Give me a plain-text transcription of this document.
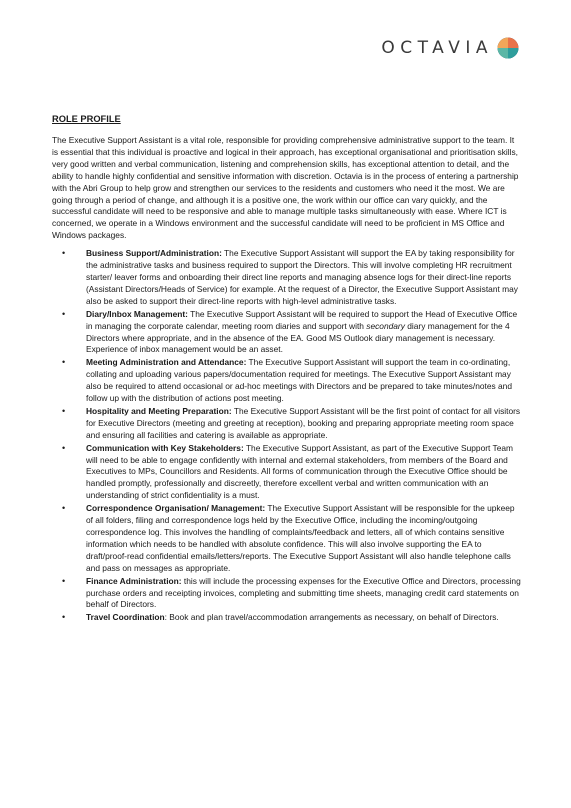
OCTAVIA

ROLE PROFILE

The Executive Support Assistant is a vital role, responsible for providing comprehensive administrative support to the team. It is essential that this individual is proactive and logical in their approach, has exceptional organisational and prioritisation skills, very good written and verbal communication, listening and comprehension skills, has exceptional attention to detail, and the ability to handle highly confidential and sensitive information with discretion. Octavia is in the process of entering a partnership with the Abri Group to help grow and strengthen our services to the residents and customers who need it the most. We are going through a period of change, and although it is a positive one, the work within our office can vary quickly, and the successful candidate will need to be responsive and able to manage multiple tasks simultaneously with ease. Where ICT is concerned, we operate in a Windows environment and the successful candidate will need to be proficient in MS Office and Windows packages.

• Business Support/Administration: The Executive Support Assistant will support the EA by taking responsibility for the administrative tasks and business required to support the Directors. This will involve completing HR recruitment starter/ leaver forms and onboarding their direct line reports and managing absence logs for their direct-line reports (Assistant Directors/Heads of Service) for example. At the request of a Director, the Executive Support Assistant may also be asked to support their direct-line reports with high-level administrative tasks.
• Diary/Inbox Management: The Executive Support Assistant will be required to support the Head of Executive Office in managing the corporate calendar, meeting room diaries and support with secondary diary management for the 4 Directors where appropriate, and in the absence of the EA. Good MS Outlook diary management is necessary. Experience of inbox management would be an asset.
• Meeting Administration and Attendance: The Executive Support Assistant will support the team in co-ordinating, collating and uploading various papers/documentation required for meetings. The Executive Support Assistant may also be required to attend occasional or ad-hoc meetings with Directors and be prepared to take minutes/notes and follow up with the distribution of actions post meeting.
• Hospitality and Meeting Preparation: The Executive Support Assistant will be the first point of contact for all visitors for Executive Directors (meeting and greeting at reception), booking and preparing appropriate meeting room space and ensuring all facilities and catering is available as appropriate.
• Communication with Key Stakeholders: The Executive Support Assistant, as part of the Executive Support Team will need to be able to engage confidently with internal and external stakeholders, from members of the Board and Executives to MPs, Councillors and Residents. All forms of communication through the Executive Office should be handled promptly, professionally and discreetly, therefore excellent verbal and written communication with an understanding of strict confidentiality is a must.
• Correspondence Organisation/ Management: The Executive Support Assistant will be responsible for the upkeep of all folders, filing and correspondence logs held by the Executive Office, including the incoming/outgoing correspondence log. This involves the handling of complaints/feedback and letters, all of which contains sensitive information which needs to be handled with absolute confidence. This will also involve supporting the EA to draft/proof-read confidential emails/letters/reports. The Executive Support Assistant will also handle telephone calls and pass on messages as appropriate.
• Finance Administration: this will include the processing expenses for the Executive Office and Directors, processing purchase orders and receipting invoices, completing and submitting time sheets, managing credit card statements on behalf of Directors.
• Travel Coordination: Book and plan travel/accommodation arrangements as necessary, on behalf of Directors.
